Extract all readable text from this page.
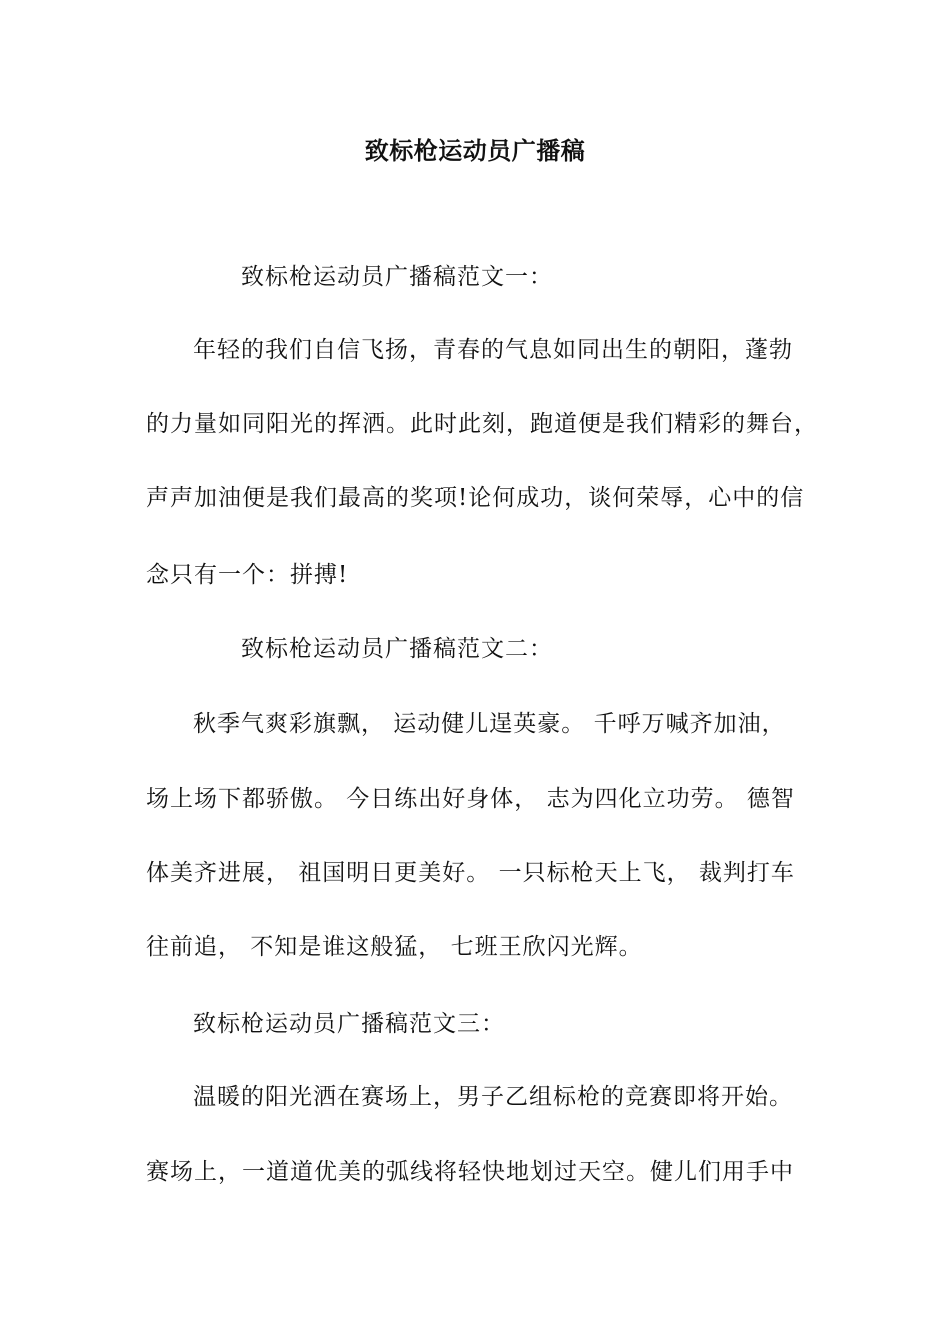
致标枪运动员广播稿
致标枪运动员广播稿范文一：
年轻的我们自信飞扬，青春的气息如同出生的朝阳，蓬勃
的力量如同阳光的挥洒。此时此刻，跑道便是我们精彩的舞台，
声声加油便是我们最高的奖项!论何成功，谈何荣辱，心中的信
念只有一个：拼搏!
致标枪运动员广播稿范文二：
秋季气爽彩旗飘， 运动健儿逞英豪。 千呼万喊齐加油，
场上场下都骄傲。 今日练出好身体， 志为四化立功劳。 德智
体美齐进展， 祖国明日更美好。 一只标枪天上飞， 裁判打车
往前追， 不知是谁这般猛， 七班王欣闪光辉。
致标枪运动员广播稿范文三：
温暖的阳光洒在赛场上，男子乙组标枪的竞赛即将开始。
赛场上，一道道优美的弧线将轻快地划过天空。健儿们用手中
